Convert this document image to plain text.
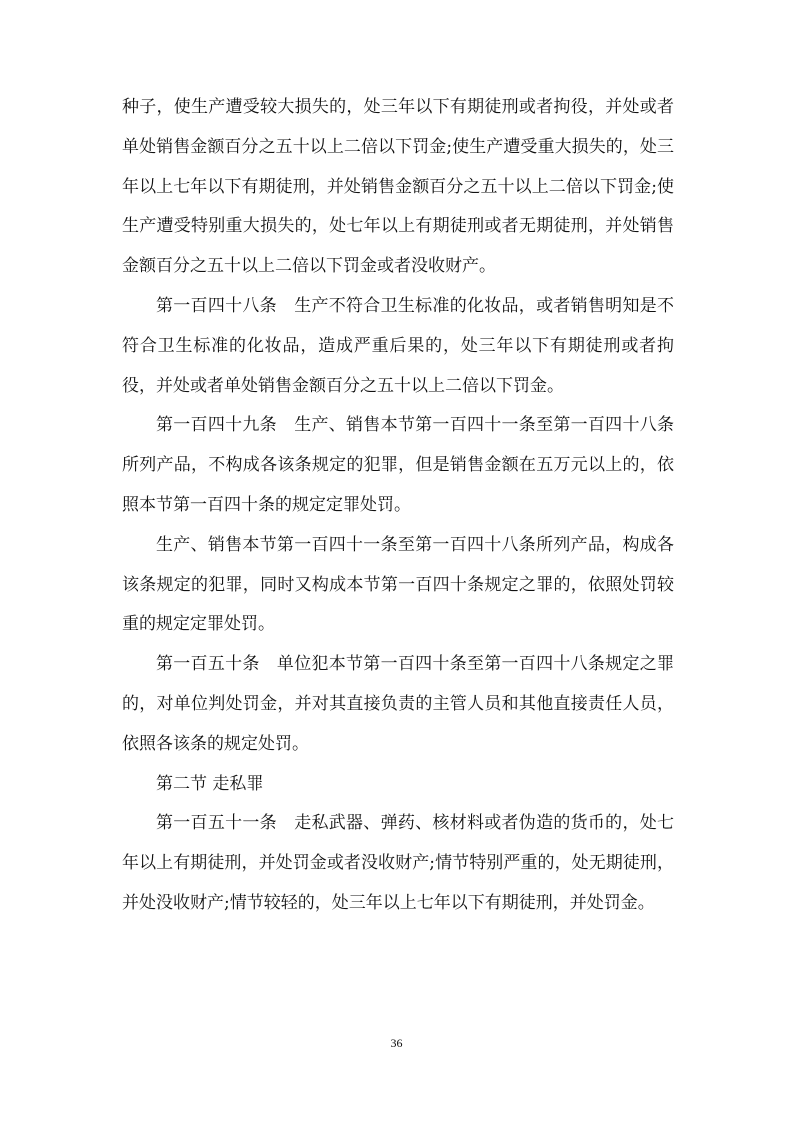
种子，使生产遭受较大损失的，处三年以下有期徒刑或者拘役，并处或者单处销售金额百分之五十以上二倍以下罚金;使生产遭受重大损失的，处三年以上七年以下有期徒刑，并处销售金额百分之五十以上二倍以下罚金;使生产遭受特别重大损失的，处七年以上有期徒刑或者无期徒刑，并处销售金额百分之五十以上二倍以下罚金或者没收财产。

第一百四十八条　生产不符合卫生标准的化妆品，或者销售明知是不符合卫生标准的化妆品，造成严重后果的，处三年以下有期徒刑或者拘役，并处或者单处销售金额百分之五十以上二倍以下罚金。

第一百四十九条　生产、销售本节第一百四十一条至第一百四十八条所列产品，不构成各该条规定的犯罪，但是销售金额在五万元以上的，依照本节第一百四十条的规定定罪处罚。

生产、销售本节第一百四十一条至第一百四十八条所列产品，构成各该条规定的犯罪，同时又构成本节第一百四十条规定之罪的，依照处罚较重的规定定罪处罚。

第一百五十条　单位犯本节第一百四十条至第一百四十八条规定之罪的，对单位判处罚金，并对其直接负责的主管人员和其他直接责任人员，依照各该条的规定处罚。

第二节 走私罪

第一百五十一条　走私武器、弹药、核材料或者伪造的货币的，处七年以上有期徒刑，并处罚金或者没收财产;情节特别严重的，处无期徒刑，并处没收财产;情节较轻的，处三年以上七年以下有期徒刑，并处罚金。

36
